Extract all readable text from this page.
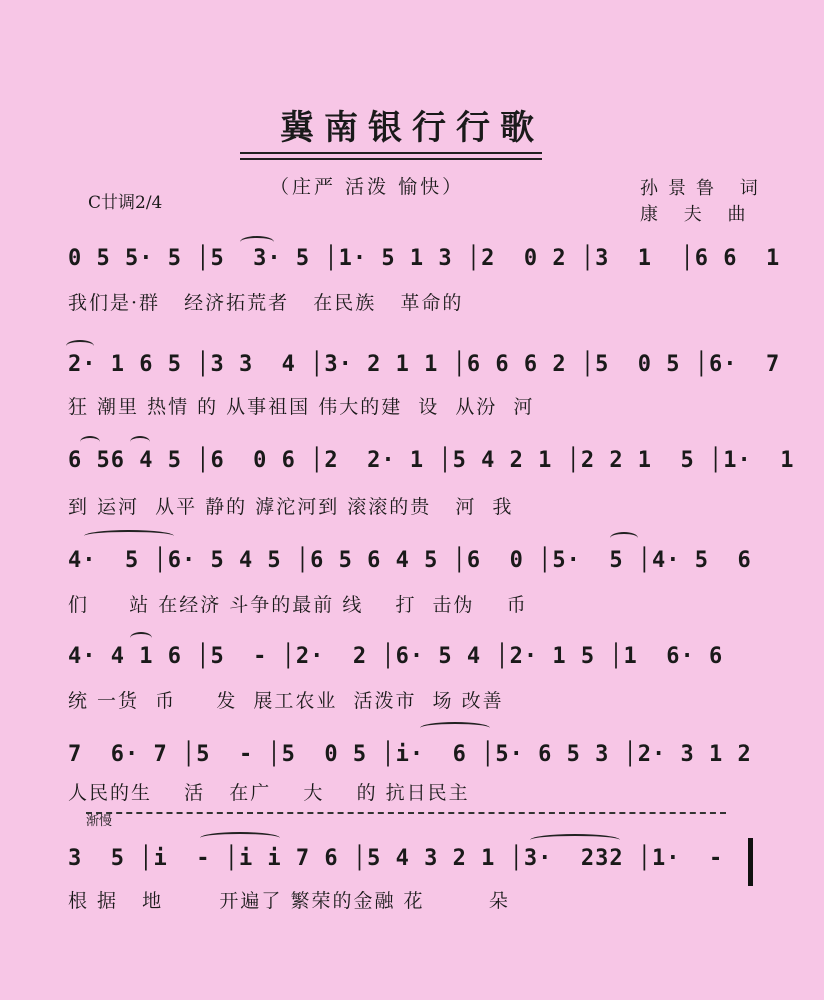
冀南银行行歌
（庄严 活泼 愉快）
C廿调2/4
孙景鲁 词
康 夫 曲
0 5 5· 5 │5  3· 5 │1· 5 1 3 │2  0 2 │3  1  │6 6  1
我们是·群   经济拓荒者   在民族   革命的
2· 1 6 5 │3 3  4 │3· 2 1 1 │6 6 6 2 │5  0 5 │6·  7
狂 潮里 热情 的 从事祖国 伟大的建  设  从汾  河
6 56 4 5 │6  0 6 │2  2· 1 │5 4 2 1 │2 2 1  5 │1·  1
到 运河  从平 静的 滹沱河到 滚滚的贵   河  我
4·  5 │6· 5 4 5 │6 5 6 4 5 │6  0 │5·  5 │4· 5  6
们     站 在经济 斗争的最前 线    打  击伪    币
4· 4 1 6 │5  - │2·  2 │6· 5 4 │2· 1 5 │1  6· 6
统 一货  币     发  展工农业  活泼市  场 改善
7  6· 7 │5  - │5  0 5 │i·  6 │5· 6 5 3 │2· 3 1 2
人民的生    活   在广    大    的 抗日民主
渐慢
3  5 │i  - │i i 7 6 │5 4 3 2 1 │3·  232 │1·  -
根 据   地       开遍了 繁荣的金融 花        朵
